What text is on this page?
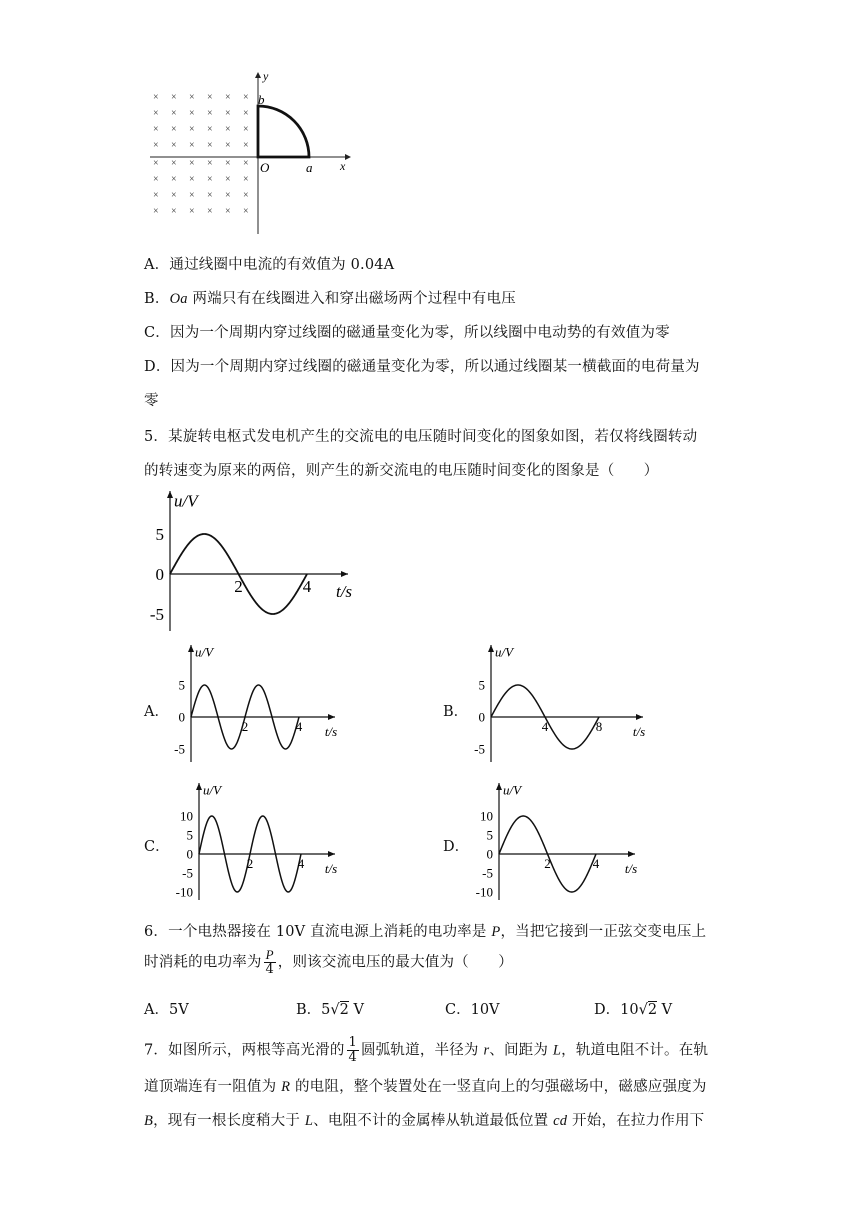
× × × × × ×
× × × × × ×
× × × × × ×
× × × × × ×
× × × × × ×
× × × × × ×
× × × × × ×
× × × × × ×
y
x
b
O	a
A．通过线圈中电流的有效值为 0.04A
B．Oa 两端只有在线圈进入和穿出磁场两个过程中有电压
C．因为一个周期内穿过线圈的磁通量变化为零，所以线圈中电动势的有效值为零
D．因为一个周期内穿过线圈的磁通量变化为零，所以通过线圈某一横截面的电荷量为
零
5．某旋转电枢式发电机产生的交流电的电压随时间变化的图象如图，若仅将线圈转动
的转速变为原来的两倍，则产生的新交流电的电压随时间变化的图象是（　　）
5
0
-5
2	4
u/V
t/s
A．	B．
C．	D．
5
0
-5
2	4
u/V
t/s
5
0
-5
4	8
u/V
t/s
10
5
0
-5
-10
2	4
u/V
t/s
10
5
0
-5
-10
2	4
u/V
t/s
6．一个电热器接在 10V 直流电源上消耗的电功率是 P，当把它接到一正弦交变电压上
时消耗的电功率为 $\frac{P}{4}$ ，则该交流电压的最大值为（　　）
A．5V	B．5√2 V	C．10V	D．10√2 V
7．如图所示，两根等高光滑的 $\frac{1}{4}$ 圆弧轨道，半径为 r、间距为 L，轨道电阻不计。在轨
道顶端连有一阻值为 R 的电阻，整个装置处在一竖直向上的匀强磁场中，磁感应强度为
B，现有一根长度稍大于 L、电阻不计的金属棒从轨道最低位置 cd 开始，在拉力作用下
